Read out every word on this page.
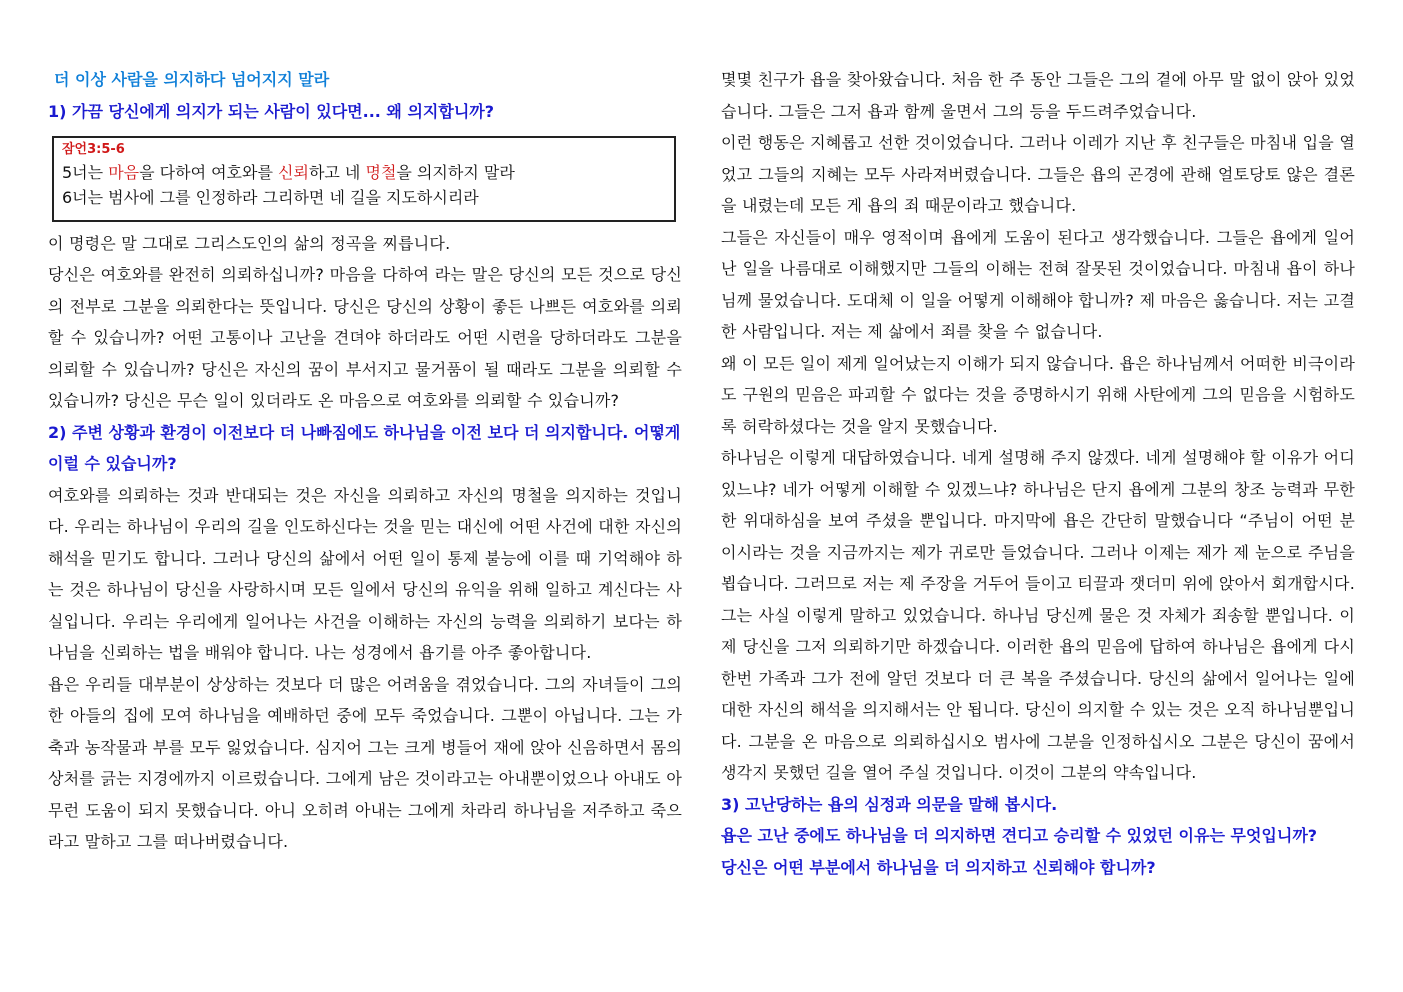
더 이상 사람을 의지하다 넘어지지 말라
1) 가끔 당신에게 의지가 되는 사람이 있다면... 왜 의지합니까?
잠언3:5-6
5너는 마음을 다하여 여호와를 신뢰하고 네 명철을 의지하지 말라
6너는 범사에 그를 인정하라 그리하면 네 길을 지도하시리라

이 명령은 말 그대로 그리스도인의 삶의 정곡을 찌릅니다.

당신은 여호와를 완전히 의뢰하십니까? 마음을 다하여 라는 말은 당신의 모든 것으로 당신의 전부로 그분을 의뢰한다는 뜻입니다. 당신은 당신의 상황이 좋든 나쁘든 여호와를 의뢰할 수 있습니까? 어떤 고통이나 고난을 견뎌야 하더라도 어떤 시련을 당하더라도 그분을 의뢰할 수 있습니까? 당신은 자신의 꿈이 부서지고 물거품이 될 때라도 그분을 의뢰할 수 있습니까? 당신은 무슨 일이 있더라도 온 마음으로 여호와를 의뢰할 수 있습니까?

2) 주변 상황과 환경이 이전보다 더 나빠짐에도 하나님을 이전 보다 더 의지합니다. 어떻게 이럴 수 있습니까?

여호와를 의뢰하는 것과 반대되는 것은 자신을 의뢰하고 자신의 명철을 의지하는 것입니다. 우리는 하나님이 우리의 길을 인도하신다는 것을 믿는 대신에 어떤 사건에 대한 자신의 해석을 믿기도 합니다. 그러나 당신의 삶에서 어떤 일이 통제 불능에 이를 때 기억해야 하는 것은 하나님이 당신을 사랑하시며 모든 일에서 당신의 유익을 위해 일하고 계신다는 사실입니다. 우리는 우리에게 일어나는 사건을 이해하는 자신의 능력을 의뢰하기 보다는 하나님을 신뢰하는 법을 배워야 합니다. 나는 성경에서 욥기를 아주 좋아합니다.

욥은 우리들 대부분이 상상하는 것보다 더 많은 어려움을 겪었습니다. 그의 자녀들이 그의 한 아들의 집에 모여 하나님을 예배하던 중에 모두 죽었습니다. 그뿐이 아닙니다. 그는 가축과 농작물과 부를 모두 잃었습니다. 심지어 그는 크게 병들어 재에 앉아 신음하면서 몸의 상처를 긁는 지경에까지 이르렀습니다. 그에게 남은 것이라고는 아내뿐이었으나 아내도 아무런 도움이 되지 못했습니다. 아니 오히려 아내는 그에게 차라리 하나님을 저주하고 죽으라고 말하고 그를 떠나버렸습니다.

몇몇 친구가 욥을 찾아왔습니다. 처음 한 주 동안 그들은 그의 곁에 아무 말 없이 앉아 있었습니다. 그들은 그저 욥과 함께 울면서 그의 등을 두드려주었습니다.

이런 행동은 지혜롭고 선한 것이었습니다. 그러나 이레가 지난 후 친구들은 마침내 입을 열었고 그들의 지혜는 모두 사라져버렸습니다. 그들은 욥의 곤경에 관해 얼토당토 않은 결론을 내렸는데 모든 게 욥의 죄 때문이라고 했습니다.

그들은 자신들이 매우 영적이며 욥에게 도움이 된다고 생각했습니다. 그들은 욥에게 일어난 일을 나름대로 이해했지만 그들의 이해는 전혀 잘못된 것이었습니다. 마침내 욥이 하나님께 물었습니다. 도대체 이 일을 어떻게 이해해야 합니까? 제 마음은 옳습니다. 저는 고결한 사람입니다. 저는 제 삶에서 죄를 찾을 수 없습니다.

왜 이 모든 일이 제게 일어났는지 이해가 되지 않습니다. 욥은 하나님께서 어떠한 비극이라도 구원의 믿음은 파괴할 수 없다는 것을 증명하시기 위해 사탄에게 그의 믿음을 시험하도록 허락하셨다는 것을 알지 못했습니다.

하나님은 이렇게 대답하였습니다. 네게 설명해 주지 않겠다. 네게 설명해야 할 이유가 어디 있느냐? 네가 어떻게 이해할 수 있겠느냐? 하나님은 단지 욥에게 그분의 창조 능력과 무한한 위대하심을 보여 주셨을 뿐입니다. 마지막에 욥은 간단히 말했습니다 “주님이 어떤 분이시라는 것을 지금까지는 제가 귀로만 들었습니다. 그러나 이제는 제가 제 눈으로 주님을 뵙습니다. 그러므로 저는 제 주장을 거두어 들이고 티끌과 잿더미 위에 앉아서 회개합시다. 그는 사실 이렇게 말하고 있었습니다. 하나님 당신께 물은 것 자체가 죄송할 뿐입니다. 이제 당신을 그저 의뢰하기만 하겠습니다. 이러한 욥의 믿음에 답하여 하나님은 욥에게 다시 한번 가족과 그가 전에 알던 것보다 더 큰 복을 주셨습니다. 당신의 삶에서 일어나는 일에 대한 자신의 해석을 의지해서는 안 됩니다. 당신이 의지할 수 있는 것은 오직 하나님뿐입니다. 그분을 온 마음으로 의뢰하십시오 범사에 그분을 인정하십시오 그분은 당신이 꿈에서 생각지 못했던 길을 열어 주실 것입니다. 이것이 그분의 약속입니다.

3) 고난당하는 욥의 심정과 의문을 말해 봅시다.
욥은 고난 중에도 하나님을 더 의지하면 견디고 승리할 수 있었던 이유는 무엇입니까?
당신은 어떤 부분에서 하나님을 더 의지하고 신뢰해야 합니까?
